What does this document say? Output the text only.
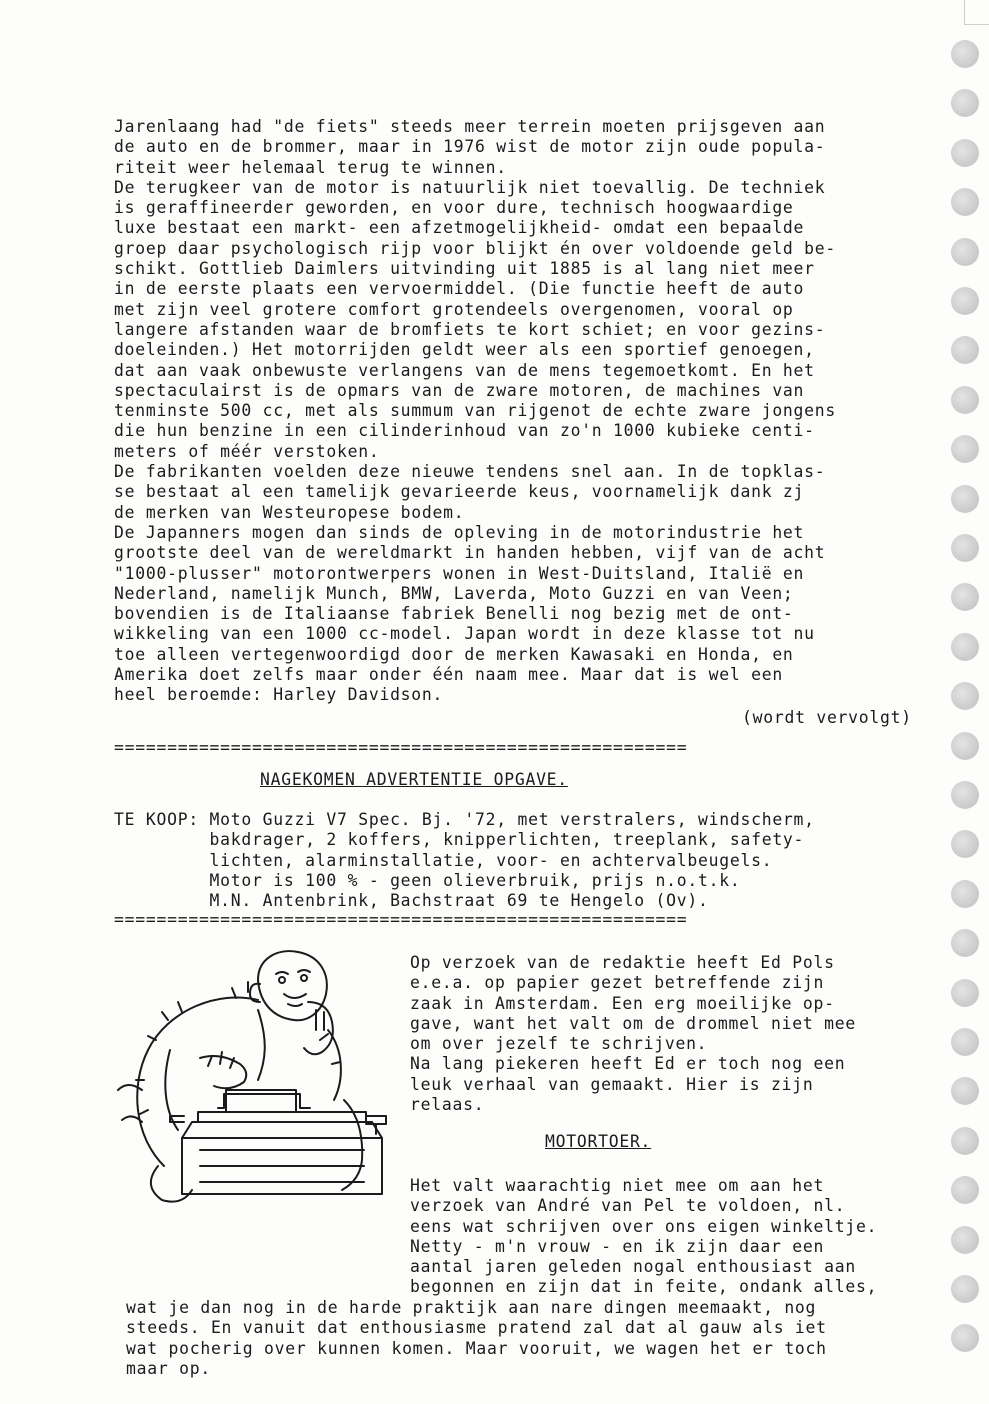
Jarenlaang had "de fiets" steeds meer terrein moeten prijsgeven aan
de auto en de brommer, maar in 1976 wist de motor zijn oude popula-
riteit weer helemaal terug te winnen.
De terugkeer van de motor is natuurlijk niet toevallig. De techniek
is geraffineerder geworden, en voor dure, technisch hoogwaardige
luxe bestaat een markt- een afzetmogelijkheid- omdat een bepaalde
groep daar psychologisch rijp voor blijkt én over voldoende geld be-
schikt. Gottlieb Daimlers uitvinding uit 1885 is al lang niet meer
in de eerste plaats een vervoermiddel. (Die functie heeft de auto
met zijn veel grotere comfort grotendeels overgenomen, vooral op
langere afstanden waar de bromfiets te kort schiet; en voor gezins-
doeleinden.) Het motorrijden geldt weer als een sportief genoegen,
dat aan vaak onbewuste verlangens van de mens tegemoetkomt. En het
spectaculairst is de opmars van de zware motoren, de machines van
tenminste 500 cc, met als summum van rijgenot de echte zware jongens
die hun benzine in een cilinderinhoud van zo'n 1000 kubieke centi-
meters of méér verstoken.
De fabrikanten voelden deze nieuwe tendens snel aan. In de topklas-
se bestaat al een tamelijk gevarieerde keus, voornamelijk dank zj
de merken van Westeuropese bodem.
De Japanners mogen dan sinds de opleving in de motorindustrie het
grootste deel van de wereldmarkt in handen hebben, vijf van de acht
"1000-plusser" motorontwerpers wonen in West-Duitsland, Italië en
Nederland, namelijk Munch, BMW, Laverda, Moto Guzzi en van Veen;
bovendien is de Italiaanse fabriek Benelli nog bezig met de ont-
wikkeling van een 1000 cc-model. Japan wordt in deze klasse tot nu
toe alleen vertegenwoordigd door de merken Kawasaki en Honda, en
Amerika doet zelfs maar onder één naam mee. Maar dat is wel een
heel beroemde: Harley Davidson.
(wordt vervolgt)
======================================================
NAGEKOMEN ADVERTENTIE OPGAVE.
TE KOOP: Moto Guzzi V7 Spec. Bj. '72, met verstralers, windscherm,
bakdrager, 2 koffers, knipperlichten, treeplank, safety-
lichten, alarminstallatie, voor- en achtervalbeugels.
Motor is 100 % - geen olieverbruik, prijs n.o.t.k.
M.N. Antenbrink, Bachstraat 69 te Hengelo (Ov).
======================================================
Op verzoek van de redaktie heeft Ed Pols
e.e.a. op papier gezet betreffende zijn
zaak in Amsterdam. Een erg moeilijke op-
gave, want het valt om de drommel niet mee
om over jezelf te schrijven.
Na lang piekeren heeft Ed er toch nog een
leuk verhaal van gemaakt. Hier is zijn
relaas.
MOTORTOER.
Het valt waarachtig niet mee om aan het
verzoek van André van Pel te voldoen, nl.
eens wat schrijven over ons eigen winkeltje.
Netty - m'n vrouw - en ik zijn daar een
aantal jaren geleden nogal enthousiast aan
begonnen en zijn dat in feite, ondank alles,
wat je dan nog in de harde praktijk aan nare dingen meemaakt, nog
steeds. En vanuit dat enthousiasme pratend zal dat al gauw als iet
wat pocherig over kunnen komen. Maar vooruit, we wagen het er toch
maar op.
